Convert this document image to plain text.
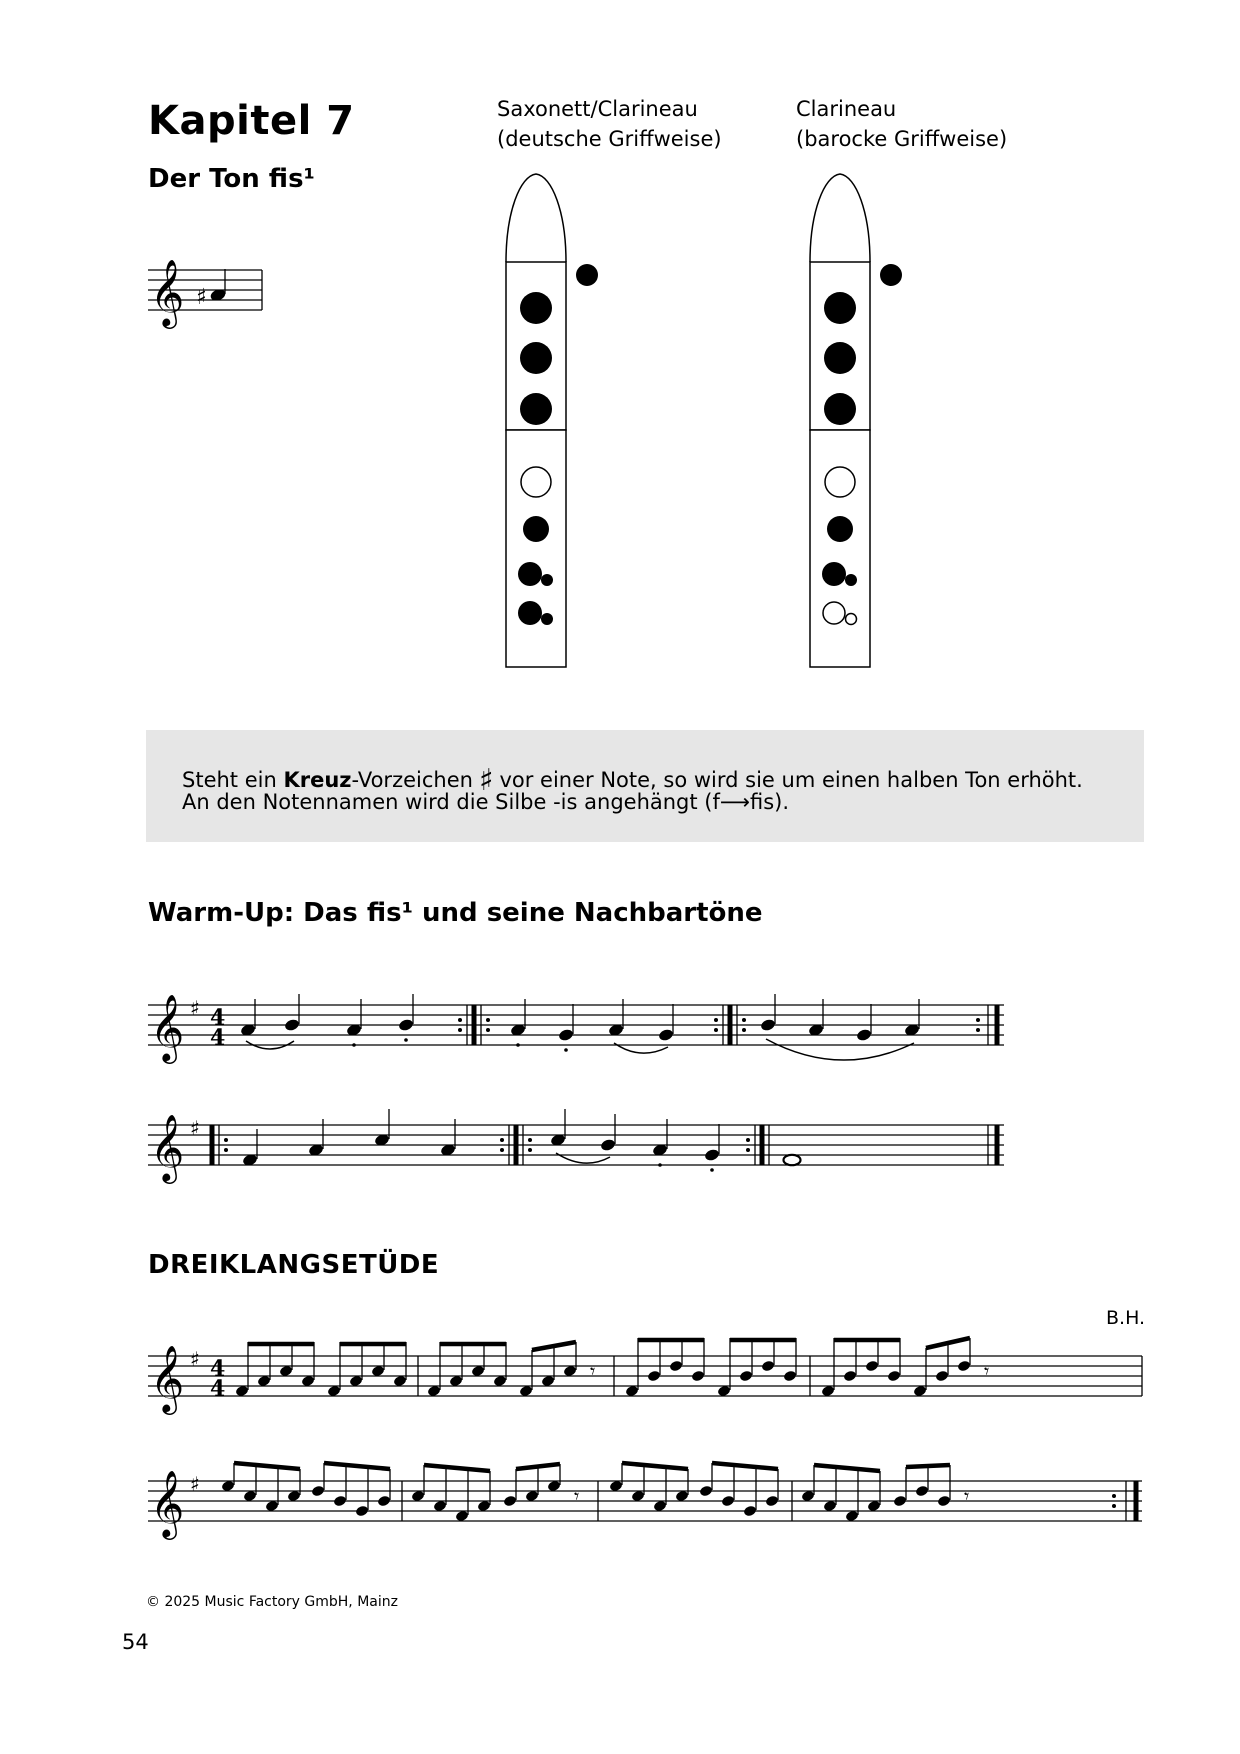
Kapitel 7
Der Ton fis¹
𝄞 ♯
Saxonett/Clarineau
(deutsche Griffweise)
Clarineau
(barocke Griffweise)
Steht ein Kreuz-Vorzeichen ♯ vor einer Note, so wird sie um einen halben Ton erhöht.
An den Notennamen wird die Silbe -is angehängt (f⟶fis).
Warm-Up: Das fis¹ und seine Nachbartöne
𝄞 ♯ 4
4
𝄞 ♯
DREIKLANGSETÜDE
B.H.
𝄞 ♯ 4
4
𝄾	𝄾
𝄞 ♯	𝄾	𝄾
© 2025 Music Factory GmbH, Mainz
54
